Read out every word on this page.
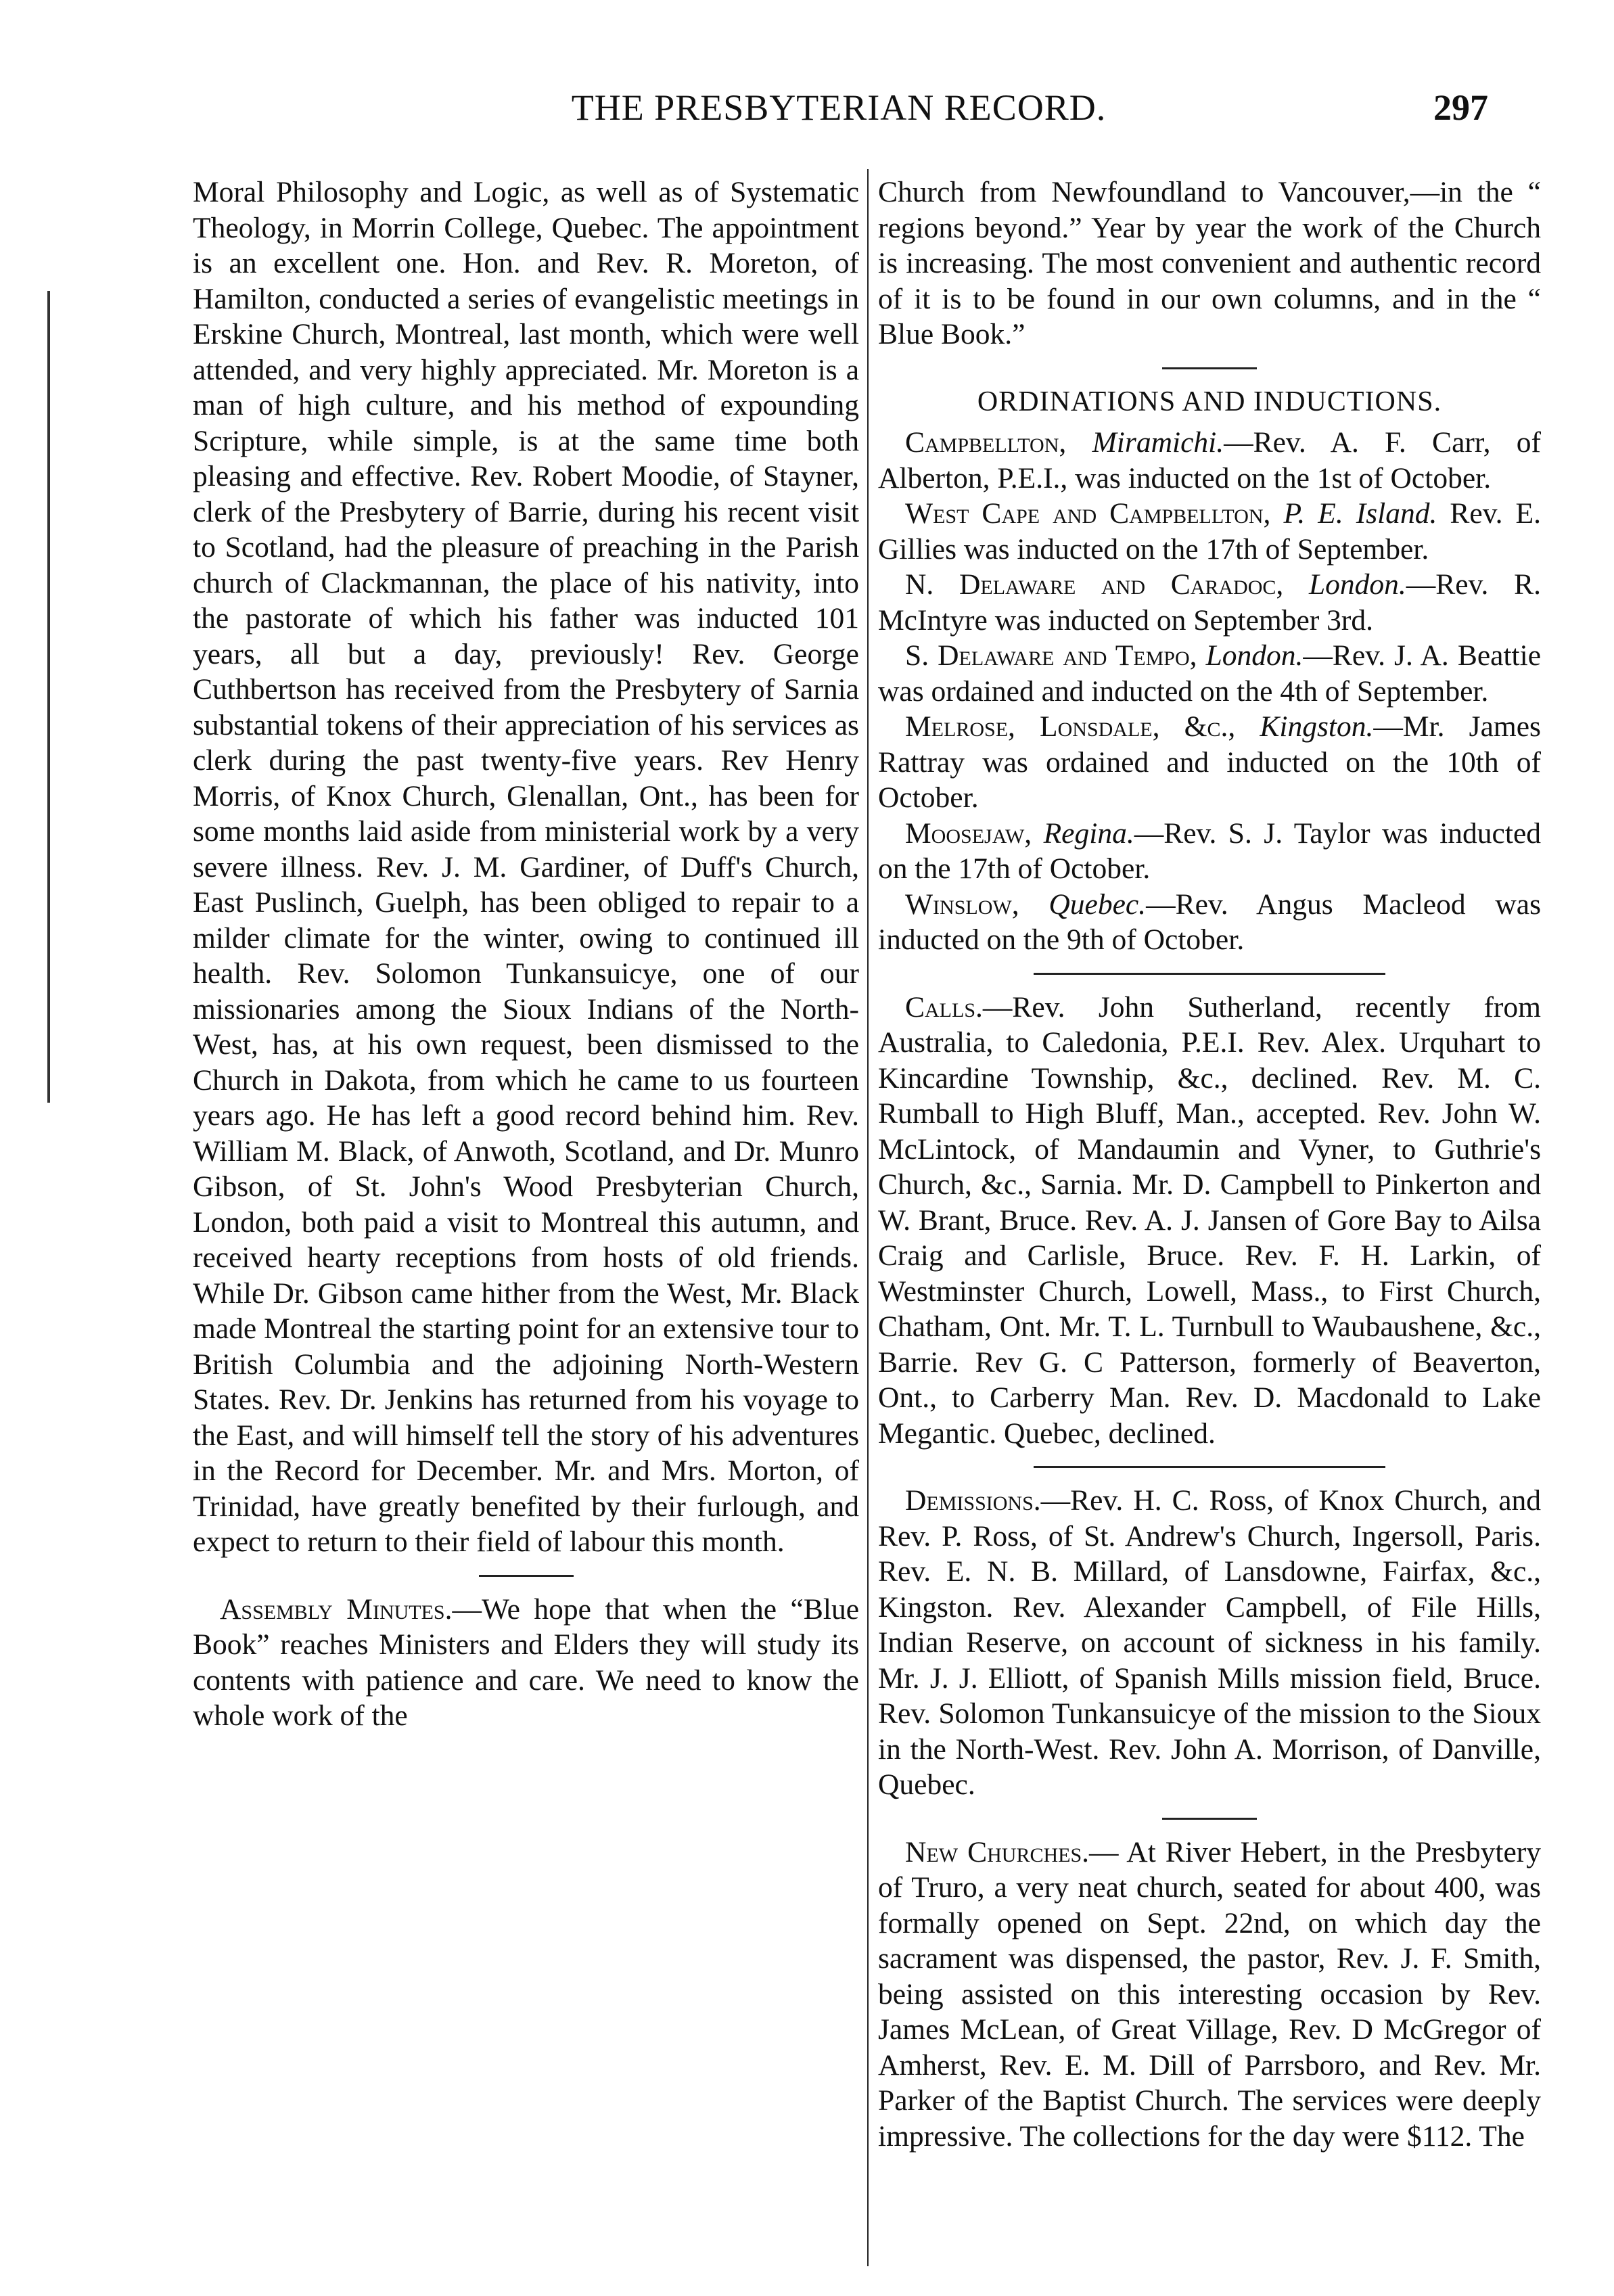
THE PRESBYTERIAN RECORD.	297

Moral Philosophy and Logic, as well as of Systematic Theology, in Morrin College, Quebec. The appointment is an excellent one. Hon. and Rev. R. Moreton, of Hamilton, conducted a series of evangelistic meetings in Erskine Church, Montreal, last month, which were well attended, and very highly appreciated. Mr. Moreton is a man of high culture, and his method of expounding Scripture, while simple, is at the same time both pleasing and effective. Rev. Robert Moodie, of Stayner, clerk of the Presbytery of Barrie, during his recent visit to Scotland, had the pleasure of preaching in the Parish church of Clackmannan, the place of his nativity, into the pastorate of which his father was inducted 101 years, all but a day, previously! Rev. George Cuthbertson has received from the Presbytery of Sarnia substantial tokens of their appreciation of his services as clerk during the past twenty-five years. Rev Henry Morris, of Knox Church, Glenallan, Ont., has been for some months laid aside from ministerial work by a very severe illness. Rev. J. M. Gardiner, of Duff's Church, East Puslinch, Guelph, has been obliged to repair to a milder climate for the winter, owing to continued ill health. Rev. Solomon Tunkansuicye, one of our missionaries among the Sioux Indians of the North-West, has, at his own request, been dismissed to the Church in Dakota, from which he came to us fourteen years ago. He has left a good record behind him. Rev. William M. Black, of Anwoth, Scotland, and Dr. Munro Gibson, of St. John's Wood Presbyterian Church, London, both paid a visit to Montreal this autumn, and received hearty receptions from hosts of old friends. While Dr. Gibson came hither from the West, Mr. Black made Montreal the starting point for an extensive tour to British Columbia and the adjoining North-Western States. Rev. Dr. Jenkins has returned from his voyage to the East, and will himself tell the story of his adventures in the Record for December. Mr. and Mrs. Morton, of Trinidad, have greatly benefited by their furlough, and expect to return to their field of labour this month.

Assembly Minutes.—We hope that when the “Blue Book” reaches Ministers and Elders they will study its contents with patience and care. We need to know the whole work of the

Church from Newfoundland to Vancouver,—in the “ regions beyond.” Year by year the work of the Church is increasing. The most convenient and authentic record of it is to be found in our own columns, and in the “ Blue Book.”

ORDINATIONS AND INDUCTIONS.

Campbellton, Miramichi.—Rev. A. F. Carr, of Alberton, P.E.I., was inducted on the 1st of October.

West Cape and Campbellton, P. E. Island. Rev. E. Gillies was inducted on the 17th of September.

N. Delaware and Caradoc, London.—Rev. R. McIntyre was inducted on September 3rd.

S. Delaware and Tempo, London.—Rev. J. A. Beattie was ordained and inducted on the 4th of September.

Melrose, Lonsdale, &c., Kingston.—Mr. James Rattray was ordained and inducted on the 10th of October.

Moosejaw, Regina.—Rev. S. J. Taylor was inducted on the 17th of October.

Winslow, Quebec.—Rev. Angus Macleod was inducted on the 9th of October.

Calls.—Rev. John Sutherland, recently from Australia, to Caledonia, P.E.I. Rev. Alex. Urquhart to Kincardine Township, &c., declined. Rev. M. C. Rumball to High Bluff, Man., accepted. Rev. John W. McLintock, of Mandaumin and Vyner, to Guthrie's Church, &c., Sarnia. Mr. D. Campbell to Pinkerton and W. Brant, Bruce. Rev. A. J. Jansen of Gore Bay to Ailsa Craig and Carlisle, Bruce. Rev. F. H. Larkin, of Westminster Church, Lowell, Mass., to First Church, Chatham, Ont. Mr. T. L. Turnbull to Waubaushene, &c., Barrie. Rev G. C Patterson, formerly of Beaverton, Ont., to Carberry Man. Rev. D. Macdonald to Lake Megantic. Quebec, declined.

Demissions.—Rev. H. C. Ross, of Knox Church, and Rev. P. Ross, of St. Andrew's Church, Ingersoll, Paris. Rev. E. N. B. Millard, of Lansdowne, Fairfax, &c., Kingston. Rev. Alexander Campbell, of File Hills, Indian Reserve, on account of sickness in his family. Mr. J. J. Elliott, of Spanish Mills mission field, Bruce. Rev. Solomon Tunkansuicye of the mission to the Sioux in the North-West. Rev. John A. Morrison, of Danville, Quebec.

New Churches.— At River Hebert, in the Presbytery of Truro, a very neat church, seated for about 400, was formally opened on Sept. 22nd, on which day the sacrament was dispensed, the pastor, Rev. J. F. Smith, being assisted on this interesting occasion by Rev. James McLean, of Great Village, Rev. D McGregor of Amherst, Rev. E. M. Dill of Parrsboro, and Rev. Mr. Parker of the Baptist Church. The services were deeply impressive. The collections for the day were $112. The
